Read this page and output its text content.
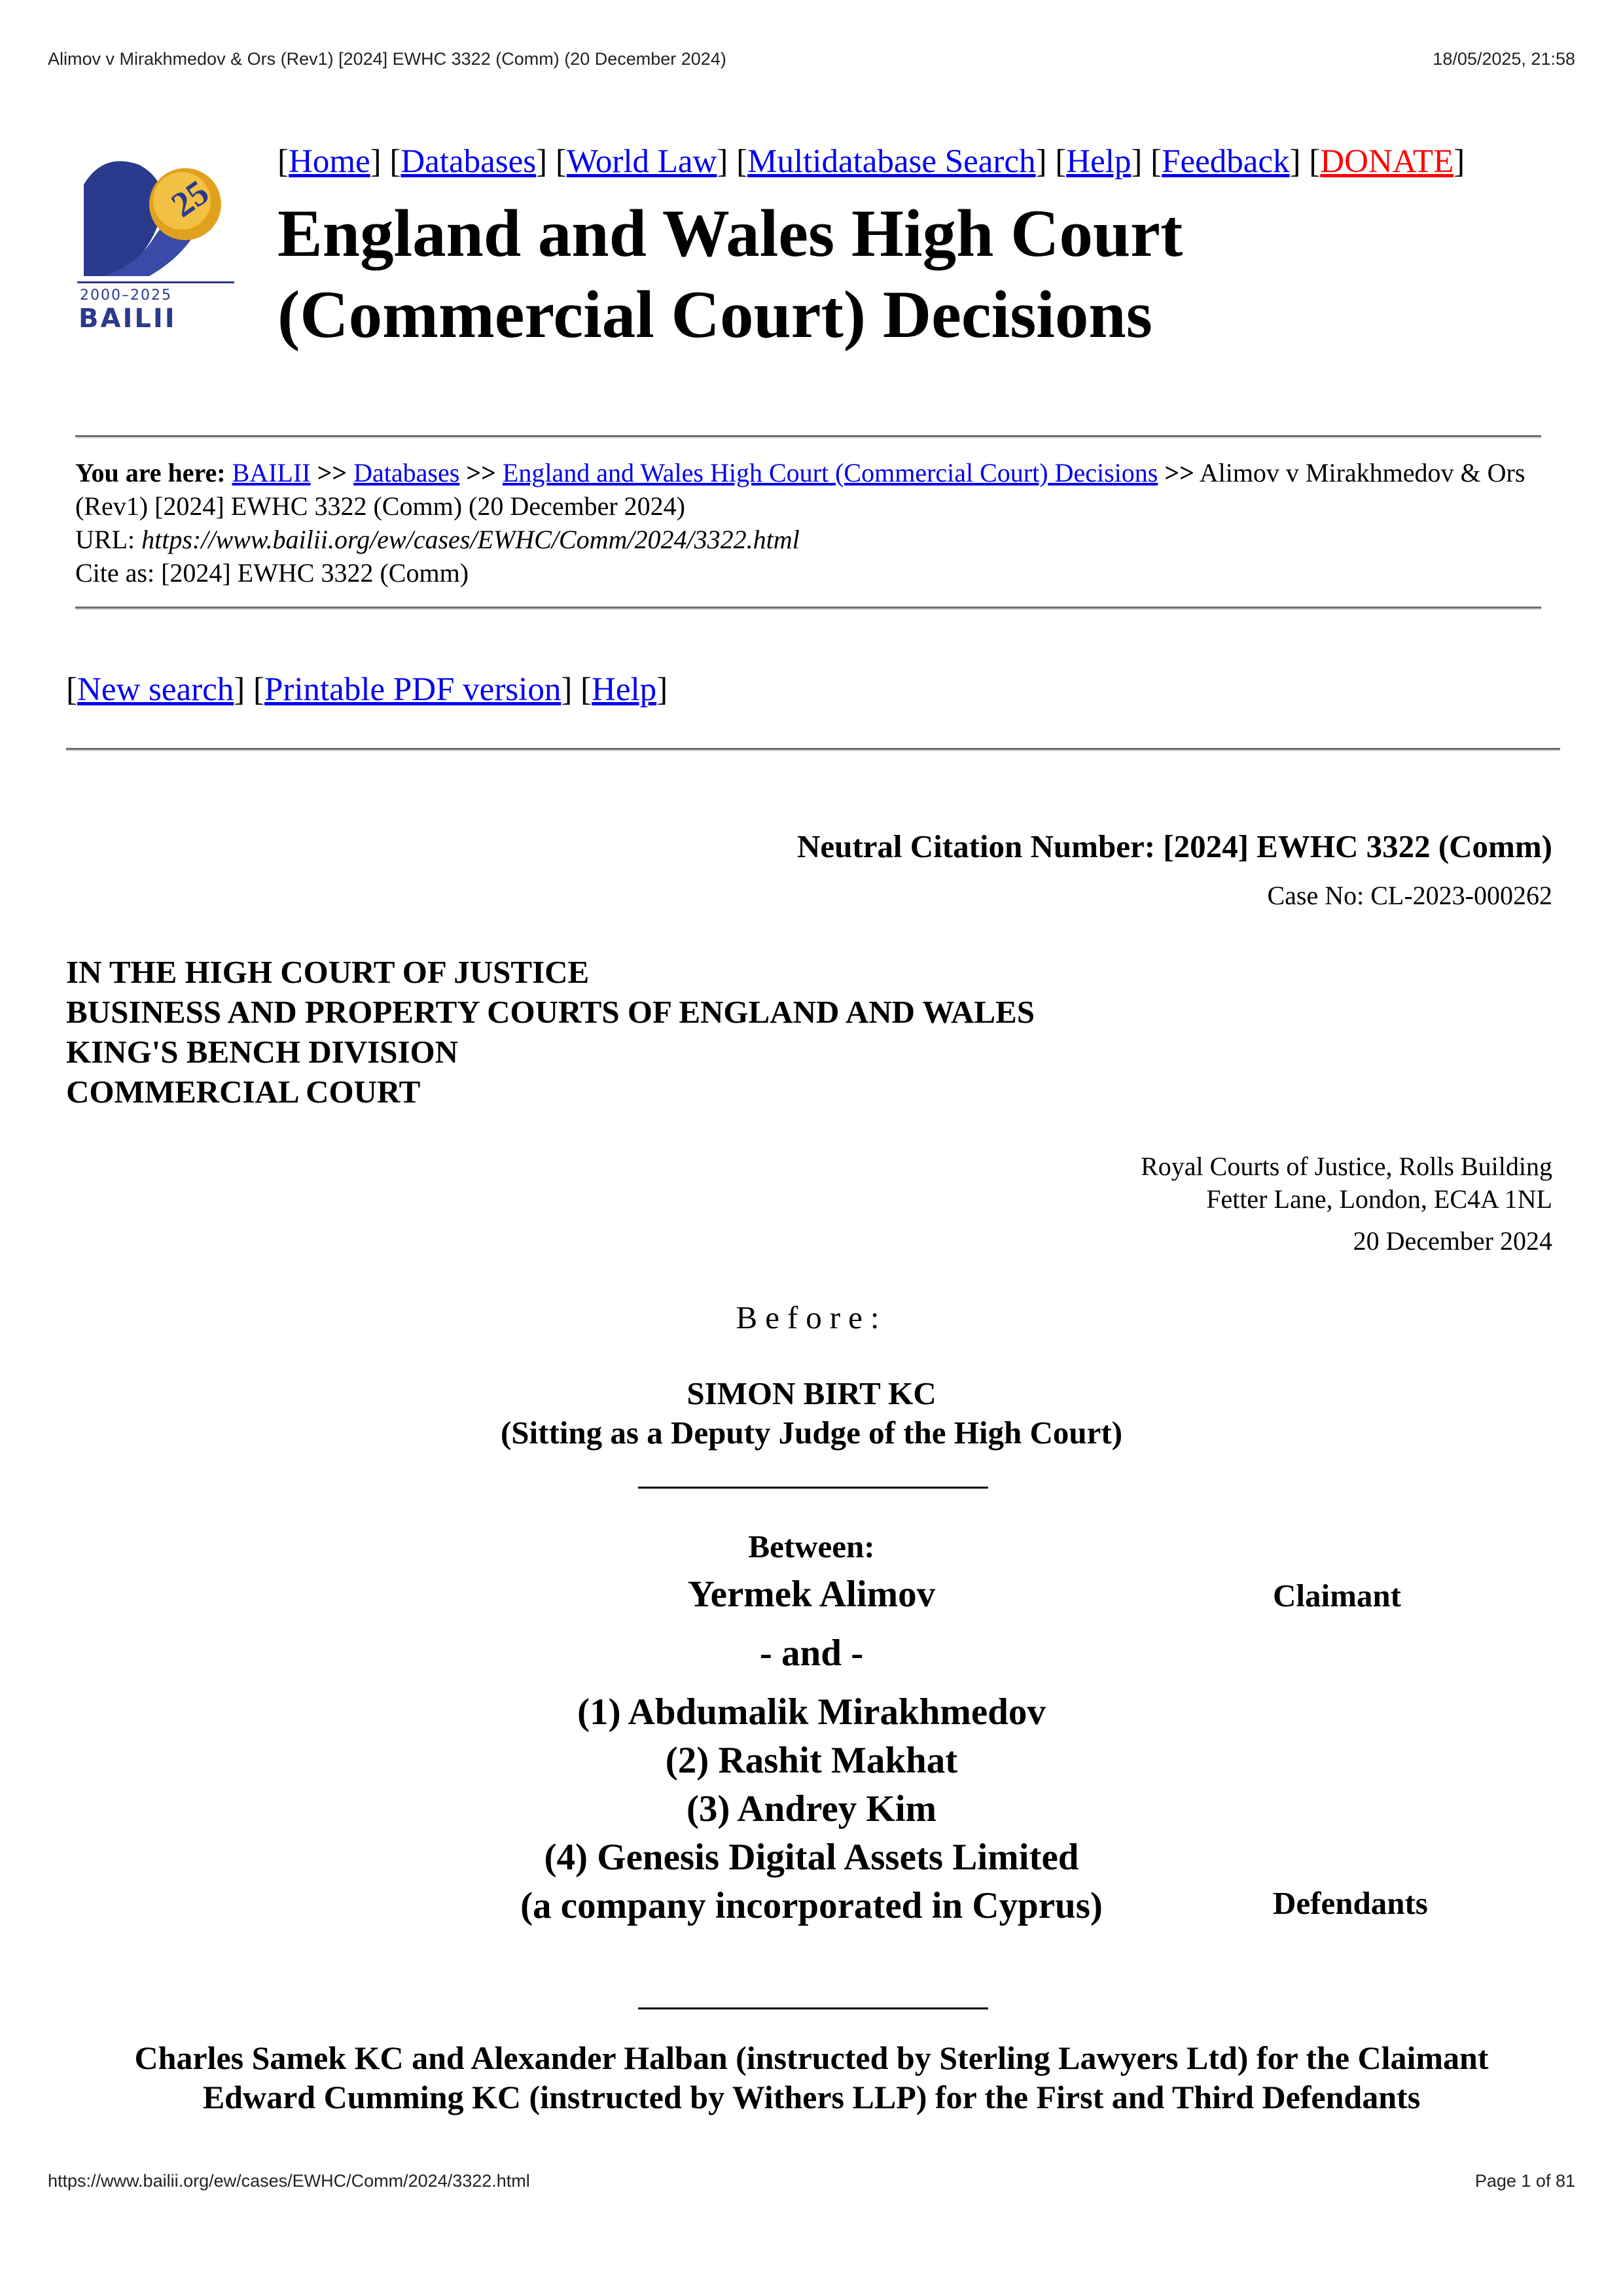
Alimov v Mirakhmedov & Ors (Rev1) [2024] EWHC 3322 (Comm) (20 December 2024)	18/05/2025, 21:58
25
2000–2025
BAILII
[Home] [Databases] [World Law] [Multidatabase Search] [Help] [Feedback] [DONATE]
England and Wales High Court
(Commercial Court) Decisions
You are here: BAILII >> Databases >> England and Wales High Court (Commercial Court) Decisions >> Alimov v Mirakhmedov & Ors (Rev1) [2024] EWHC 3322 (Comm) (20 December 2024)
URL: https://www.bailii.org/ew/cases/EWHC/Comm/2024/3322.html
Cite as: [2024] EWHC 3322 (Comm)
[New search] [Printable PDF version] [Help]
Neutral Citation Number: [2024] EWHC 3322 (Comm)
Case No: CL-2023-000262
IN THE HIGH COURT OF JUSTICE
BUSINESS AND PROPERTY COURTS OF ENGLAND AND WALES
KING'S BENCH DIVISION
COMMERCIAL COURT
Royal Courts of Justice, Rolls Building
Fetter Lane, London, EC4A 1NL
20 December 2024
Before:
SIMON BIRT KC
(Sitting as a Deputy Judge of the High Court)
Between:
Yermek Alimov	Claimant
- and -
(1) Abdumalik Mirakhmedov
(2) Rashit Makhat
(3) Andrey Kim
(4) Genesis Digital Assets Limited
(a company incorporated in Cyprus)	Defendants
Charles Samek KC and Alexander Halban (instructed by Sterling Lawyers Ltd) for the Claimant
Edward Cumming KC (instructed by Withers LLP) for the First and Third Defendants
https://www.bailii.org/ew/cases/EWHC/Comm/2024/3322.html	Page 1 of 81
